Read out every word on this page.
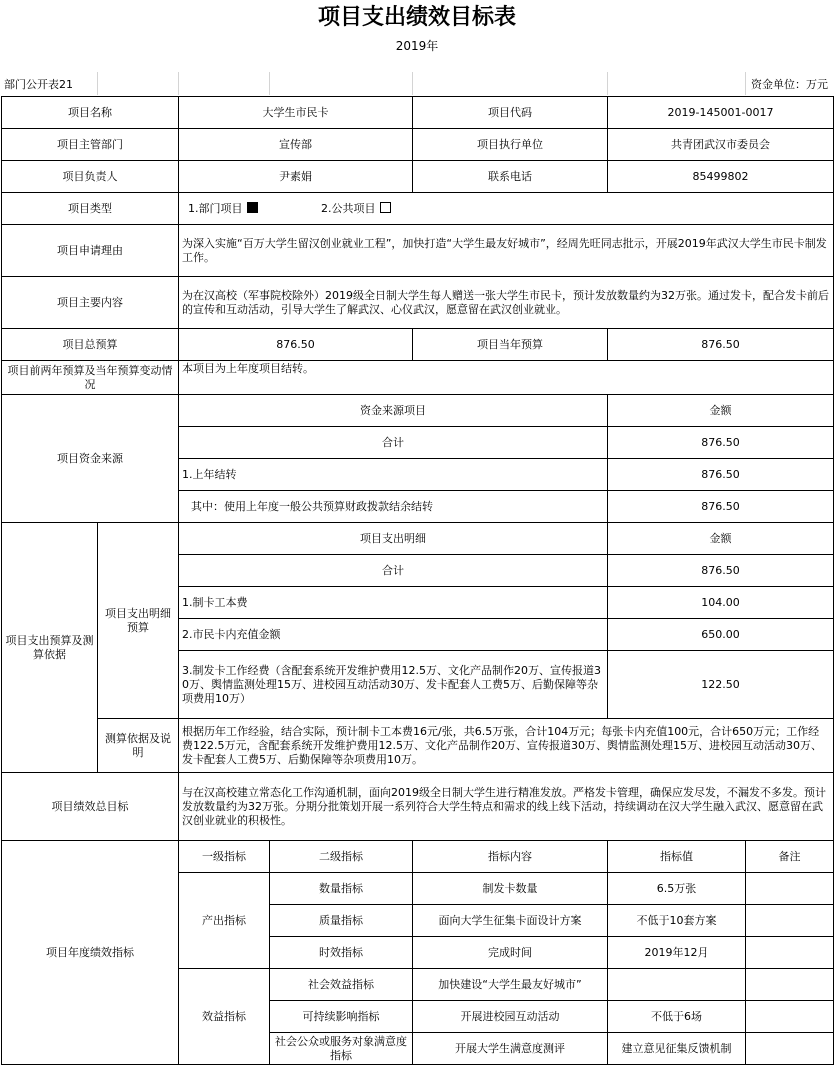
项目支出绩效目标表
2019年
部门公开表21	资金单位：万元
项目名称		大学生市民卡		项目代码	2019-145001-0017	
项目主管部门		宣传部		项目执行单位	共青团武汉市委员会	
项目负责人		尹素娟		联系电话	85499802	
项目类型		1.部门项目 2.公共项目				
项目申请理由		为深入实施“百万大学生留汉创业就业工程”，加快打造“大学生最友好城市”，经周先旺同志批示，开展2019年武汉大学生市民卡制发工作。				
项目主要内容		为在汉高校（军事院校除外）2019级全日制大学生每人赠送一张大学生市民卡，预计发放数量约为32万张。通过发卡，配合发卡前后的宣传和互动活动，引导大学生了解武汉、心仪武汉，愿意留在武汉创业就业。				
项目总预算		876.50		项目当年预算	876.50	
项目前两年预算及当年预算变动情况		本项目为上年度项目结转。				
项目资金来源		资金来源项目			金额	
		合计			876.50	
		1.上年结转			876.50	
		其中：使用上年度一般公共预算财政拨款结余结转			876.50	
项目支出预算及测算依据	项目支出明细预算	项目支出明细			金额	
		合计			876.50	
		1.制卡工本费			104.00	
		2.市民卡内充值金额			650.00	
		3.制发卡工作经费（含配套系统开发维护费用12.5万、文化产品制作20万、宣传报道30万、舆情监测处理15万、进校园互动活动30万、发卡配套人工费5万、后勤保障等杂项费用10万）			122.50	
	测算依据及说明	根据历年工作经验，结合实际，预计制卡工本费16元/张，共6.5万张，合计104万元；每张卡内充值100元，合计650万元；工作经费122.5万元，含配套系统开发维护费用12.5万、文化产品制作20万、宣传报道30万、舆情监测处理15万、进校园互动活动30万、发卡配套人工费5万、后勤保障等杂项费用10万。				
项目绩效总目标		与在汉高校建立常态化工作沟通机制，面向2019级全日制大学生进行精准发放。严格发卡管理，确保应发尽发，不漏发不多发。预计发放数量约为32万张。分期分批策划开展一系列符合大学生特点和需求的线上线下活动，持续调动在汉大学生融入武汉、愿意留在武汉创业就业的积极性。				
项目年度绩效指标		一级指标	二级指标	指标内容	指标值	备注
		产出指标	数量指标	制发卡数量	6.5万张	
			质量指标	面向大学生征集卡面设计方案	不低于10套方案	
			时效指标	完成时间	2019年12月	
		效益指标	社会效益指标	加快建设“大学生最友好城市”		
			可持续影响指标	开展进校园互动活动	不低于6场	
			社会公众或服务对象满意度指标	开展大学生满意度测评	建立意见征集反馈机制	
